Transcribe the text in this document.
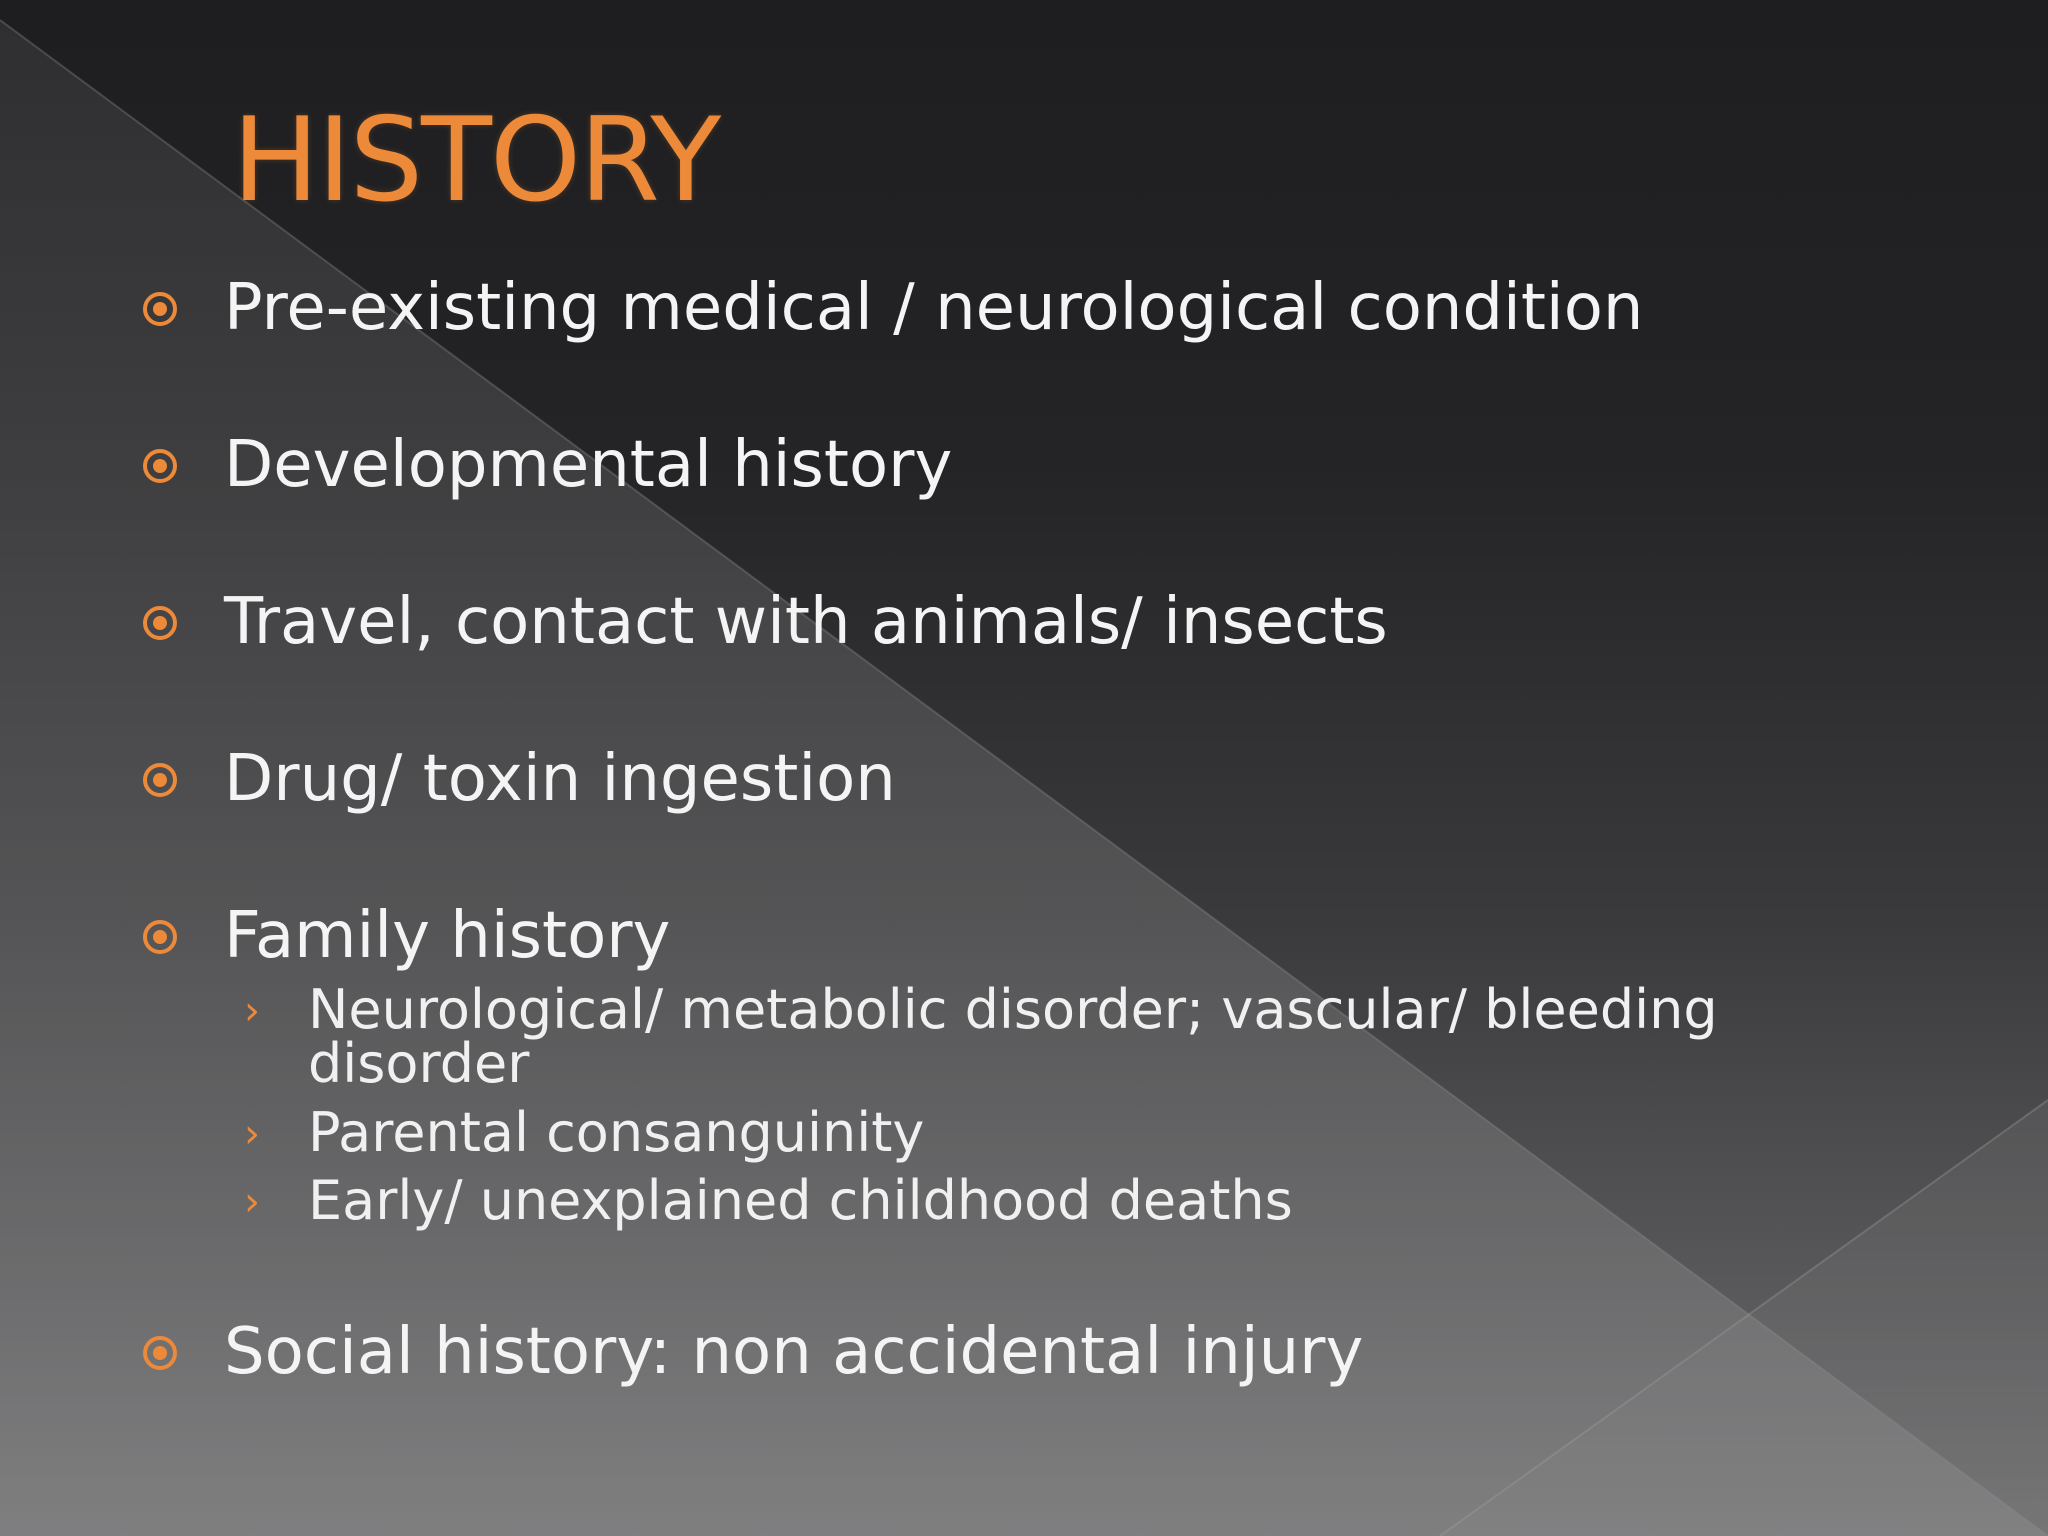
HISTORY
Pre-existing medical / neurological condition
Developmental history
Travel, contact with animals/ insects
Drug/ toxin ingestion
Family history
› Neurological/ metabolic disorder; vascular/ bleeding disorder
› Parental consanguinity
› Early/ unexplained childhood deaths
Social history: non accidental injury
